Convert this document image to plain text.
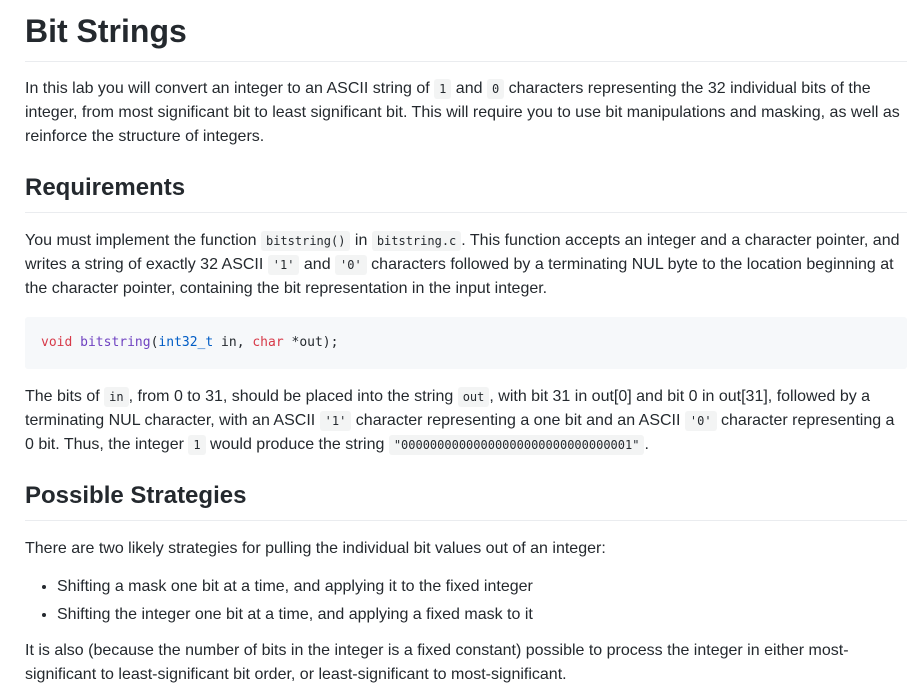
Bit Strings

In this lab you will convert an integer to an ASCII string of 1 and 0 characters representing the 32 individual bits of the integer, from most significant bit to least significant bit. This will require you to use bit manipulations and masking, as well as reinforce the structure of integers.

Requirements

You must implement the function bitstring() in bitstring.c . This function accepts an integer and a character pointer, and writes a string of exactly 32 ASCII '1' and '0' characters followed by a terminating NUL byte to the location beginning at the character pointer, containing the bit representation in the input integer.

void bitstring(int32_t in, char *out);

The bits of in , from 0 to 31, should be placed into the string out , with bit 31 in out[0] and bit 0 in out[31], followed by a terminating NUL character, with an ASCII '1' character representing a one bit and an ASCII '0' character representing a 0 bit. Thus, the integer 1 would produce the string "00000000000000000000000000000001" .

Possible Strategies

There are two likely strategies for pulling the individual bit values out of an integer:

• Shifting a mask one bit at a time, and applying it to the fixed integer
• Shifting the integer one bit at a time, and applying a fixed mask to it

It is also (because the number of bits in the integer is a fixed constant) possible to process the integer in either most-significant to least-significant bit order, or least-significant to most-significant.
